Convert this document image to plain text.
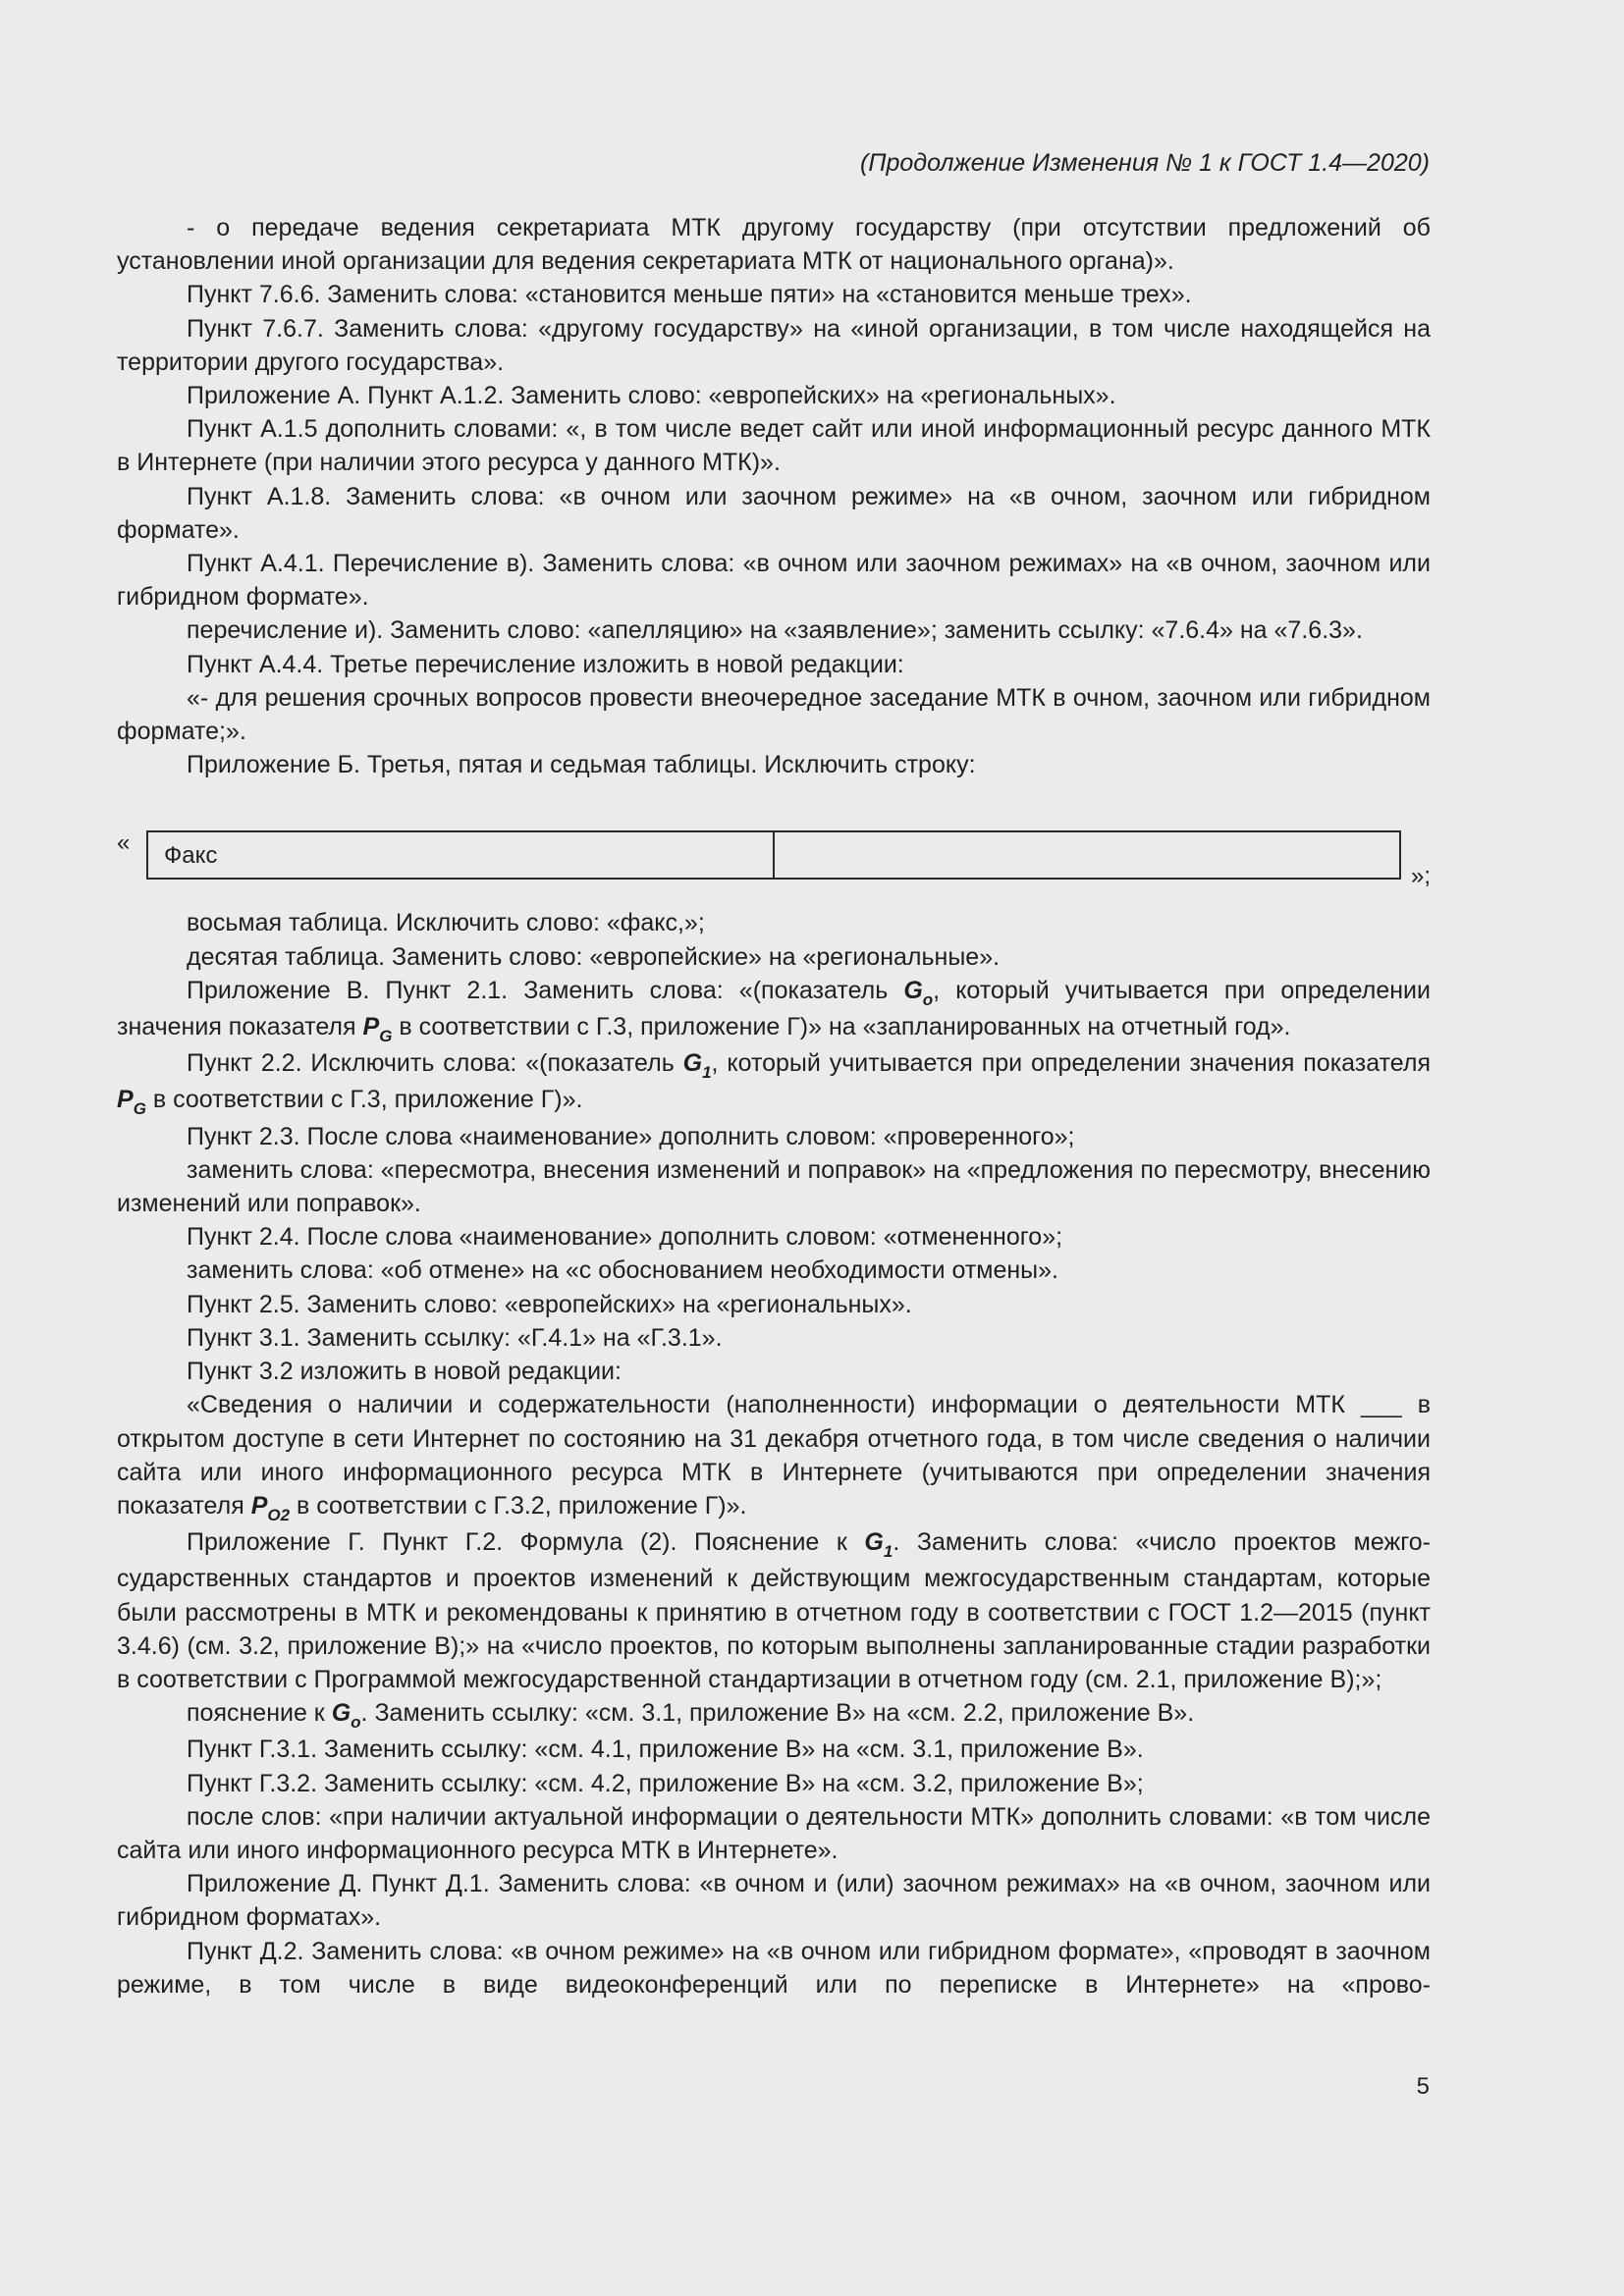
(Продолжение Изменения № 1 к ГОСТ 1.4—2020)

- о передаче ведения секретариата МТК другому государству (при отсутствии предложений об установлении иной организации для ведения секретариата МТК от национального органа)».

Пункт 7.6.6. Заменить слова: «становится меньше пяти» на «становится меньше трех».

Пункт 7.6.7. Заменить слова: «другому государству» на «иной организации, в том числе находящейся на территории другого государства».

Приложение А. Пункт А.1.2. Заменить слово: «европейских» на «региональных».

Пункт А.1.5 дополнить словами: «, в том числе ведет сайт или иной информационный ресурс данного МТК в Интернете (при наличии этого ресурса у данного МТК)».

Пункт А.1.8. Заменить слова: «в очном или заочном режиме» на «в очном, заочном или гибридном формате».

Пункт А.4.1. Перечисление в). Заменить слова: «в очном или заочном режимах» на «в очном, заочном или гибридном формате».

перечисление и). Заменить слово: «апелляцию» на «заявление»; заменить ссылку: «7.6.4» на «7.6.3».

Пункт А.4.4. Третье перечисление изложить в новой редакции:

«- для решения срочных вопросов провести внеочередное заседание МТК в очном, заочном или гибридном формате;».

Приложение Б. Третья, пятая и седьмая таблицы. Исключить строку:

«	Факс
»;

восьмая таблица. Исключить слово: «факс,»;

десятая таблица. Заменить слово: «европейские» на «региональные».

Приложение В. Пункт 2.1. Заменить слова: «(показатель $G_o$, который учитывается при определении значения показателя $P_G$ в соответствии с Г.3, приложение Г)» на «запланированных на отчетный год».

Пункт 2.2. Исключить слова: «(показатель $G_1$, который учитывается при определении значения показателя $P_G$ в соответствии с Г.3, приложение Г)».

Пункт 2.3. После слова «наименование» дополнить словом: «проверенного»;

заменить слова: «пересмотра, внесения изменений и поправок» на «предложения по пересмотру, внесению изменений или поправок».

Пункт 2.4. После слова «наименование» дополнить словом: «отмененного»;

заменить слова: «об отмене» на «с обоснованием необходимости отмены».

Пункт 2.5. Заменить слово: «европейских» на «региональных».

Пункт 3.1. Заменить ссылку: «Г.4.1» на «Г.3.1».

Пункт 3.2 изложить в новой редакции:

«Сведения о наличии и содержательности (наполненности) информации о деятельности МТК ___ в открытом доступе в сети Интернет по состоянию на 31 декабря отчетного года, в том числе сведения о наличии сайта или иного информационного ресурса МТК в Интернете (учитываются при определении значения показателя $P_{O2}$ в соответствии с Г.3.2, приложение Г)».

Приложение Г. Пункт Г.2. Формула (2). Пояснение к $G_1$. Заменить слова: «число проектов межгосударственных стандартов и проектов изменений к действующим межгосударственным стандартам, которые были рассмотрены в МТК и рекомендованы к принятию в отчетном году в соответствии с ГОСТ 1.2—2015 (пункт 3.4.6) (см. 3.2, приложение В);» на «число проектов, по которым выполнены запланированные стадии разработки в соответствии с Программой межгосударственной стандартизации в отчетном году (см. 2.1, приложение В);»;

пояснение к $G_o$. Заменить ссылку: «см. 3.1, приложение В» на «см. 2.2, приложение В».

Пункт Г.3.1. Заменить ссылку: «см. 4.1, приложение В» на «см. 3.1, приложение В».

Пункт Г.3.2. Заменить ссылку: «см. 4.2, приложение В» на «см. 3.2, приложение В»;

после слов: «при наличии актуальной информации о деятельности МТК» дополнить словами: «в том числе сайта или иного информационного ресурса МТК в Интернете».

Приложение Д. Пункт Д.1. Заменить слова: «в очном и (или) заочном режимах» на «в очном, заочном или гибридном форматах».

Пункт Д.2. Заменить слова: «в очном режиме» на «в очном или гибридном формате», «проводят в заочном режиме, в том числе в виде видеоконференций или по переписке в Интернете» на «прово-

5
